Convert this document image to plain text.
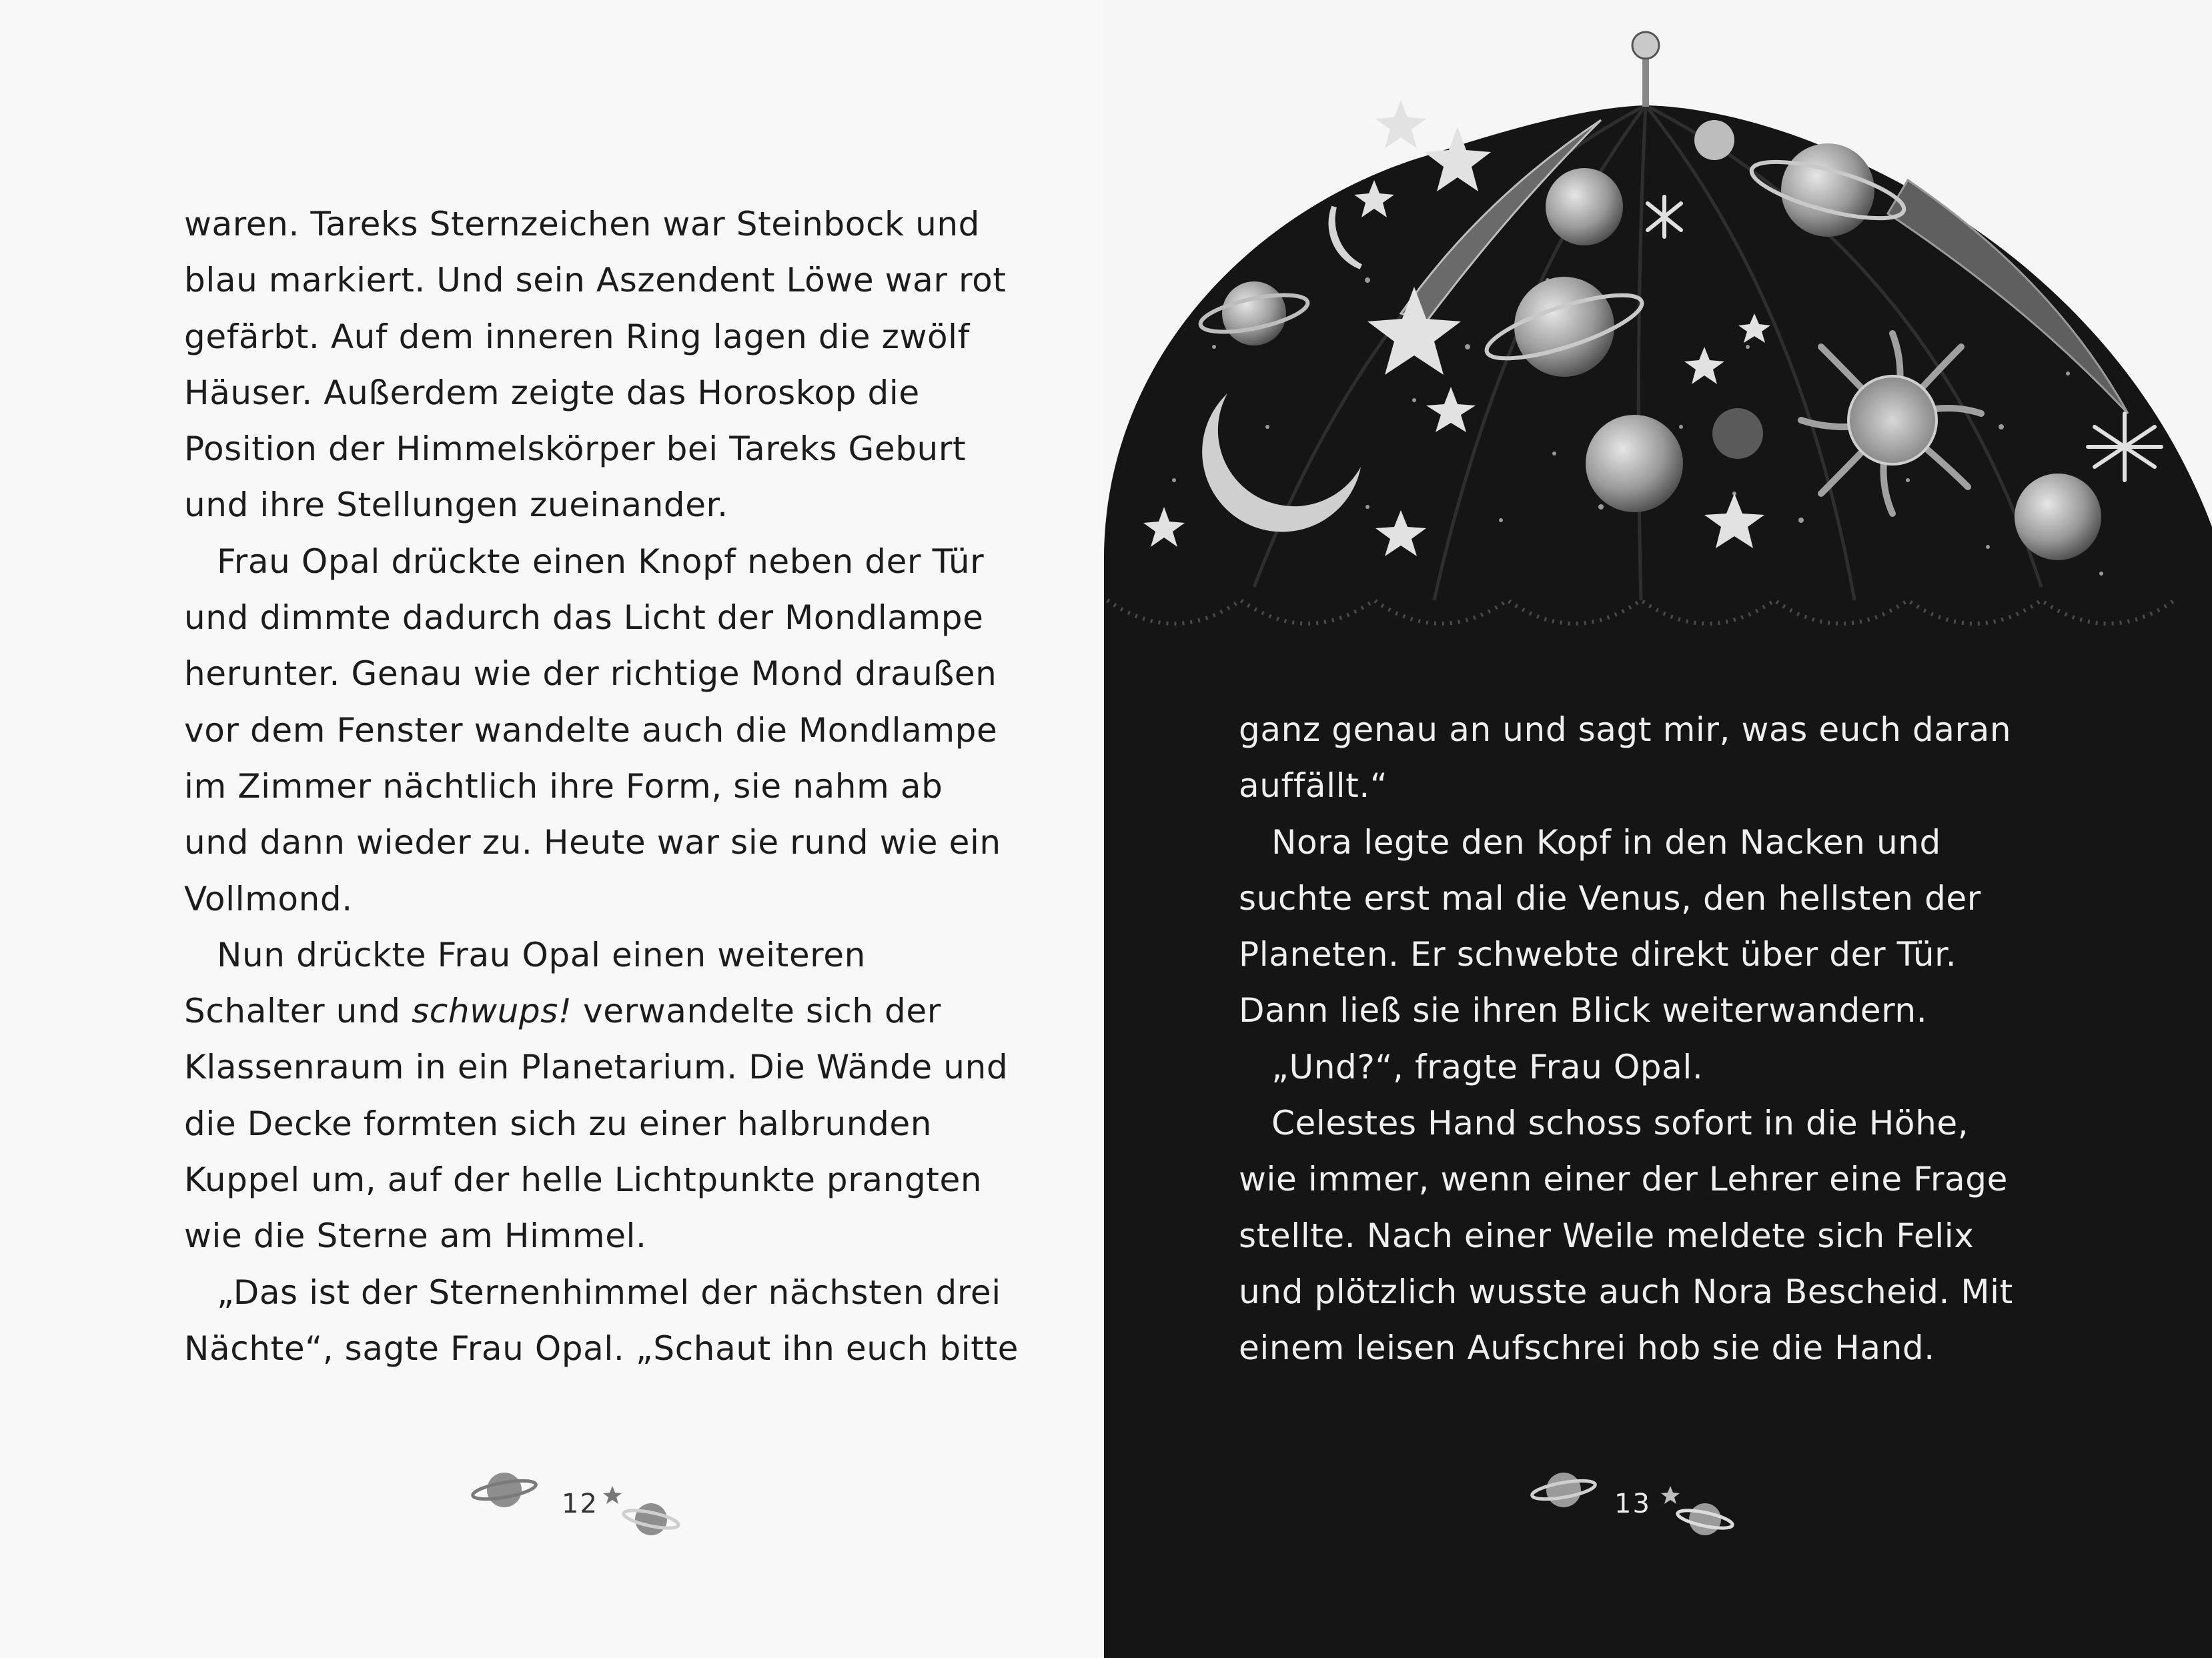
waren. Tareks Sternzeichen war Steinbock und
blau markiert. Und sein Aszendent Löwe war rot
gefärbt. Auf dem inneren Ring lagen die zwölf
Häuser. Außerdem zeigte das Horoskop die
Position der Himmelskörper bei Tareks Geburt
und ihre Stellungen zueinander.
Frau Opal drückte einen Knopf neben der Tür
und dimmte dadurch das Licht der Mondlampe
herunter. Genau wie der richtige Mond draußen
vor dem Fenster wandelte auch die Mondlampe
im Zimmer nächtlich ihre Form, sie nahm ab
und dann wieder zu. Heute war sie rund wie ein
Vollmond.
Nun drückte Frau Opal einen weiteren
Schalter und schwups! verwandelte sich der
Klassenraum in ein Planetarium. Die Wände und
die Decke formten sich zu einer halbrunden
Kuppel um, auf der helle Lichtpunkte prangten
wie die Sterne am Himmel.
„Das ist der Sternenhimmel der nächsten drei
Nächte“, sagte Frau Opal. „Schaut ihn euch bitte
ganz genau an und sagt mir, was euch daran
auffällt.“
Nora legte den Kopf in den Nacken und
suchte erst mal die Venus, den hellsten der
Planeten. Er schwebte direkt über der Tür.
Dann ließ sie ihren Blick weiterwandern.
„Und?“, fragte Frau Opal.
Celestes Hand schoss sofort in die Höhe,
wie immer, wenn einer der Lehrer eine Frage
stellte. Nach einer Weile meldete sich Felix
und plötzlich wusste auch Nora Bescheid. Mit
einem leisen Aufschrei hob sie die Hand.
12	13
